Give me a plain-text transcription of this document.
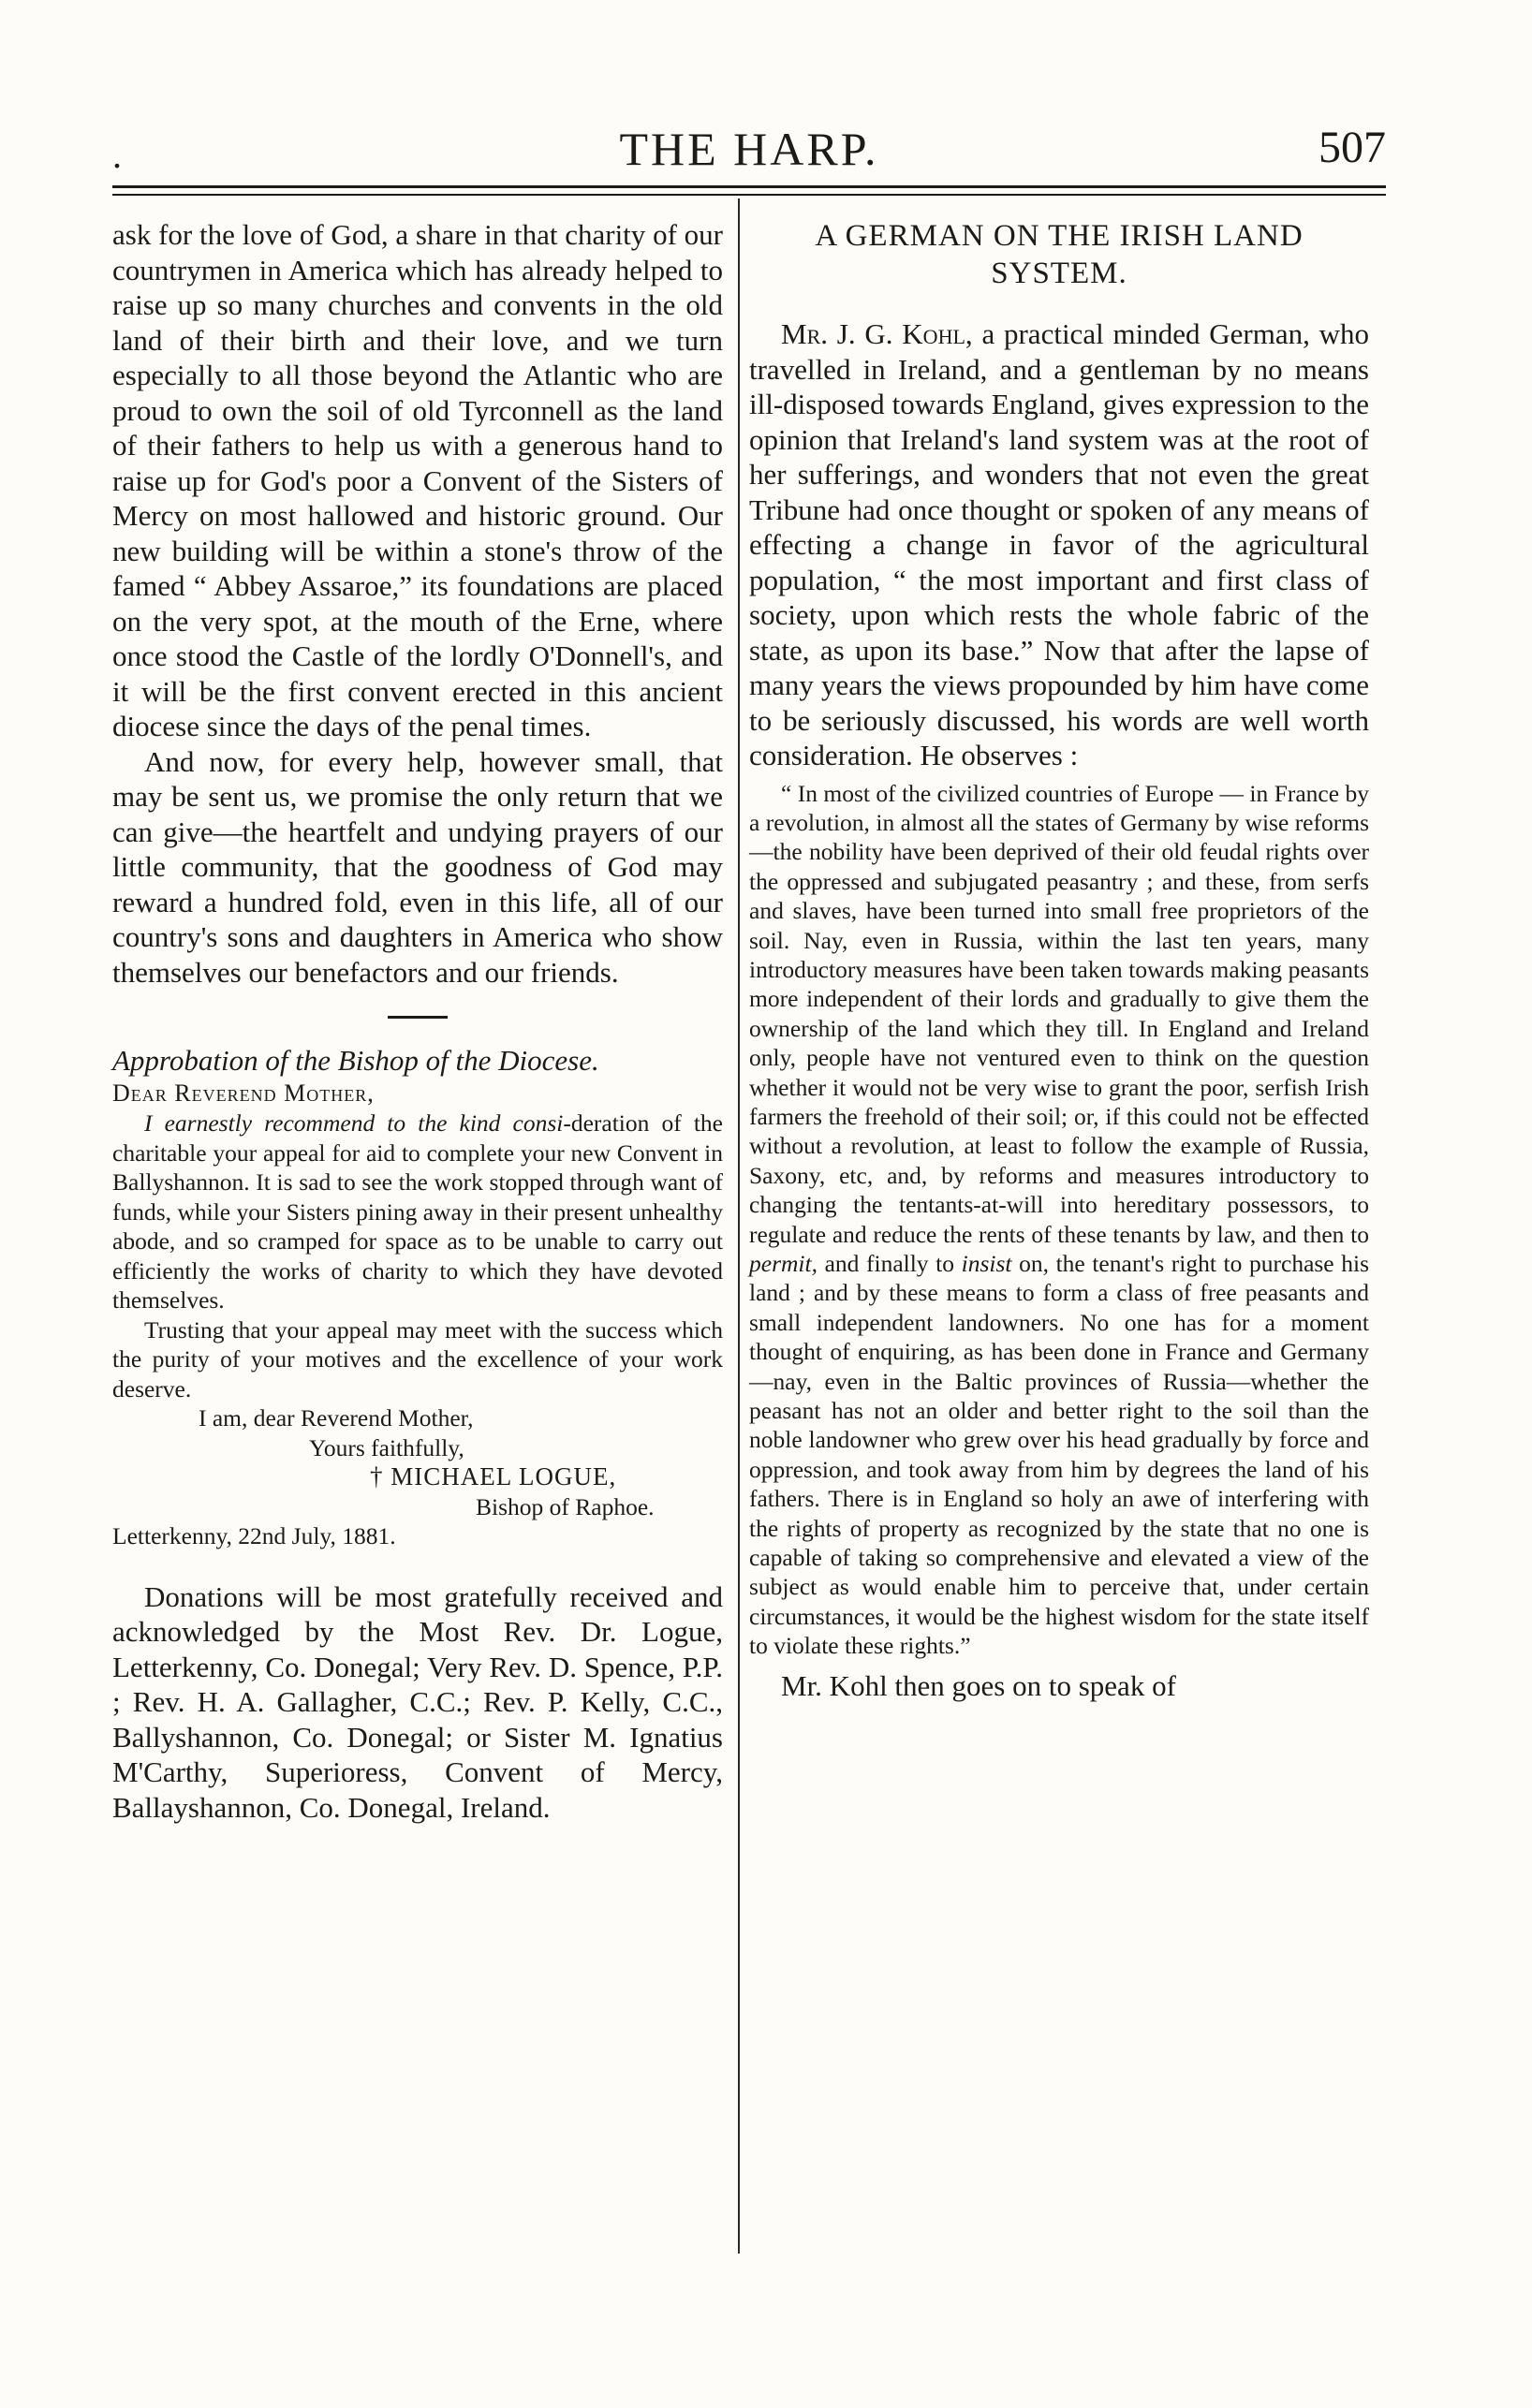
.	THE HARP.	507

ask for the love of God, a share in that charity of our countrymen in America which has already helped to raise up so many churches and convents in the old land of their birth and their love, and we turn especially to all those beyond the Atlantic who are proud to own the soil of old Tyrconnell as the land of their fathers to help us with a generous hand to raise up for God's poor a Convent of the Sisters of Mercy on most hallowed and historic ground. Our new building will be within a stone's throw of the famed “ Abbey Assaroe,” its foundations are placed on the very spot, at the mouth of the Erne, where once stood the Castle of the lordly O'Donnell's, and it will be the first convent erected in this ancient diocese since the days of the penal times.

And now, for every help, however small, that may be sent us, we promise the only return that we can give—the heartfelt and undying prayers of our little community, that the goodness of God may reward a hundred fold, even in this life, all of our country's sons and daughters in America who show themselves our benefactors and our friends.

Approbation of the Bishop of the Diocese.

Dear Reverend Mother,

I earnestly recommend to the kind consi-deration of the charitable your appeal for aid to complete your new Convent in Ballyshannon. It is sad to see the work stopped through want of funds, while your Sisters pining away in their present unhealthy abode, and so cramped for space as to be unable to carry out efficiently the works of charity to which they have devoted themselves.

Trusting that your appeal may meet with the success which the purity of your motives and the excellence of your work deserve.

I am, dear Reverend Mother,

Yours faithfully,

† MICHAEL LOGUE,

Bishop of Raphoe.

Letterkenny, 22nd July, 1881.

Donations will be most gratefully received and acknowledged by the Most Rev. Dr. Logue, Letterkenny, Co. Donegal; Very Rev. D. Spence, P.P. ; Rev. H. A. Gallagher, C.C.; Rev. P. Kelly, C.C., Ballyshannon, Co. Donegal; or Sister M. Ignatius M'Carthy, Superioress, Convent of Mercy, Ballayshannon, Co. Donegal, Ireland.

A GERMAN ON THE IRISH LAND SYSTEM.

Mr. J. G. Kohl, a practical minded German, who travelled in Ireland, and a gentleman by no means ill-disposed towards England, gives expression to the opinion that Ireland's land system was at the root of her sufferings, and wonders that not even the great Tribune had once thought or spoken of any means of effecting a change in favor of the agricultural population, “ the most important and first class of society, upon which rests the whole fabric of the state, as upon its base.” Now that after the lapse of many years the views propounded by him have come to be seriously discussed, his words are well worth consideration. He observes :

“ In most of the civilized countries of Europe — in France by a revolution, in almost all the states of Germany by wise reforms—the nobility have been deprived of their old feudal rights over the oppressed and subjugated peasantry ; and these, from serfs and slaves, have been turned into small free proprietors of the soil. Nay, even in Russia, within the last ten years, many introductory measures have been taken towards making peasants more independent of their lords and gradually to give them the ownership of the land which they till. In England and Ireland only, people have not ventured even to think on the question whether it would not be very wise to grant the poor, serfish Irish farmers the freehold of their soil; or, if this could not be effected without a revolution, at least to follow the example of Russia, Saxony, etc, and, by reforms and measures introductory to changing the tentants-at-will into hereditary possessors, to regulate and reduce the rents of these tenants by law, and then to permit, and finally to insist on, the tenant's right to purchase his land ; and by these means to form a class of free peasants and small independent landowners. No one has for a moment thought of enquiring, as has been done in France and Germany—nay, even in the Baltic provinces of Russia—whether the peasant has not an older and better right to the soil than the noble landowner who grew over his head gradually by force and oppression, and took away from him by degrees the land of his fathers. There is in England so holy an awe of interfering with the rights of property as recognized by the state that no one is capable of taking so comprehensive and elevated a view of the subject as would enable him to perceive that, under certain circumstances, it would be the highest wisdom for the state itself to violate these rights.”

Mr. Kohl then goes on to speak of
